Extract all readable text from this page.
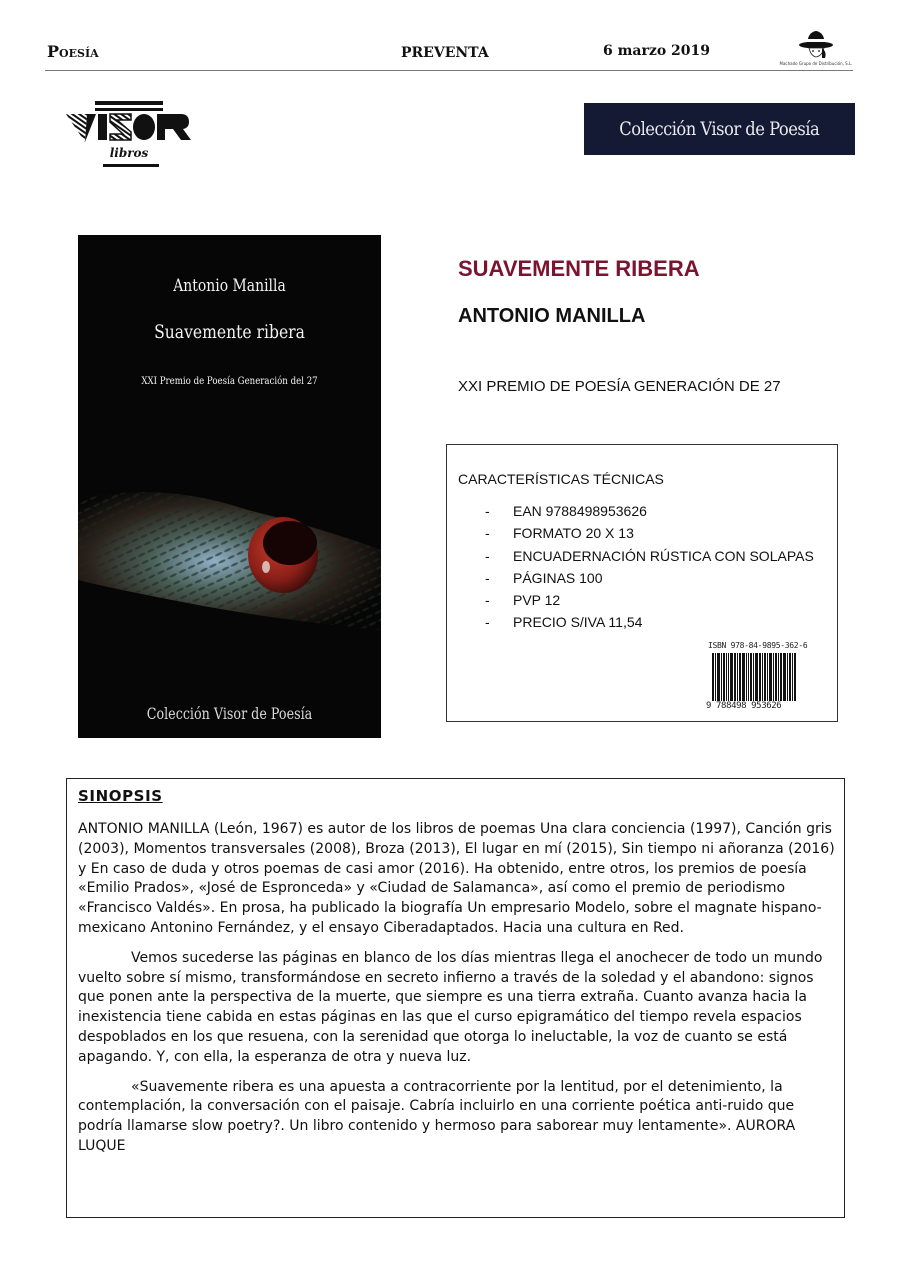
Poesía	PREVENTA	6 marzo 2019
Machado Grupo de Distribución, S.L.
libros
Colección Visor de Poesía
Antonio Manilla
Suavemente ribera
XXI Premio de Poesía Generación del 27
Colección Visor de Poesía
SUAVEMENTE RIBERA
ANTONIO MANILLA
XXI PREMIO DE POESÍA GENERACIÓN DE 27
CARACTERÍSTICAS TÉCNICAS
-	EAN 9788498953626
-	FORMATO 20 X 13
-	ENCUADERNACIÓN RÚSTICA CON SOLAPAS
-	PÁGINAS 100
-	PVP 12
-	PRECIO S/IVA 11,54
ISBN 978-84-9895-362-6
9 788498 953626
SINOPSIS

ANTONIO MANILLA (León, 1967) es autor de los libros de poemas Una clara conciencia (1997), Canción gris (2003), Momentos transversales (2008), Broza (2013), El lugar en mí (2015), Sin tiempo ni añoranza (2016) y En caso de duda y otros poemas de casi amor (2016). Ha obtenido, entre otros, los premios de poesía «Emilio Prados», «José de Espronceda» y «Ciudad de Salamanca», así como el premio de periodismo «Francisco Valdés». En prosa, ha publicado la biografía Un empresario Modelo, sobre el magnate hispano- mexicano Antonino Fernández, y el ensayo Ciberadaptados. Hacia una cultura en Red.

Vemos sucederse las páginas en blanco de los días mientras llega el anochecer de todo un mundo vuelto sobre sí mismo, transformándose en secreto infierno a través de la soledad y el abandono: signos que ponen ante la perspectiva de la muerte, que siempre es una tierra extraña. Cuanto avanza hacia la inexistencia tiene cabida en estas páginas en las que el curso epigramático del tiempo revela espacios despoblados en los que resuena, con la serenidad que otorga lo ineluctable, la voz de cuanto se está apagando. Y, con ella, la esperanza de otra y nueva luz.

«Suavemente ribera es una apuesta a contracorriente por la lentitud, por el detenimiento, la contemplación, la conversación con el paisaje. Cabría incluirlo en una corriente poética anti-ruido que podría llamarse slow poetry?. Un libro contenido y hermoso para saborear muy lentamente». AURORA LUQUE
